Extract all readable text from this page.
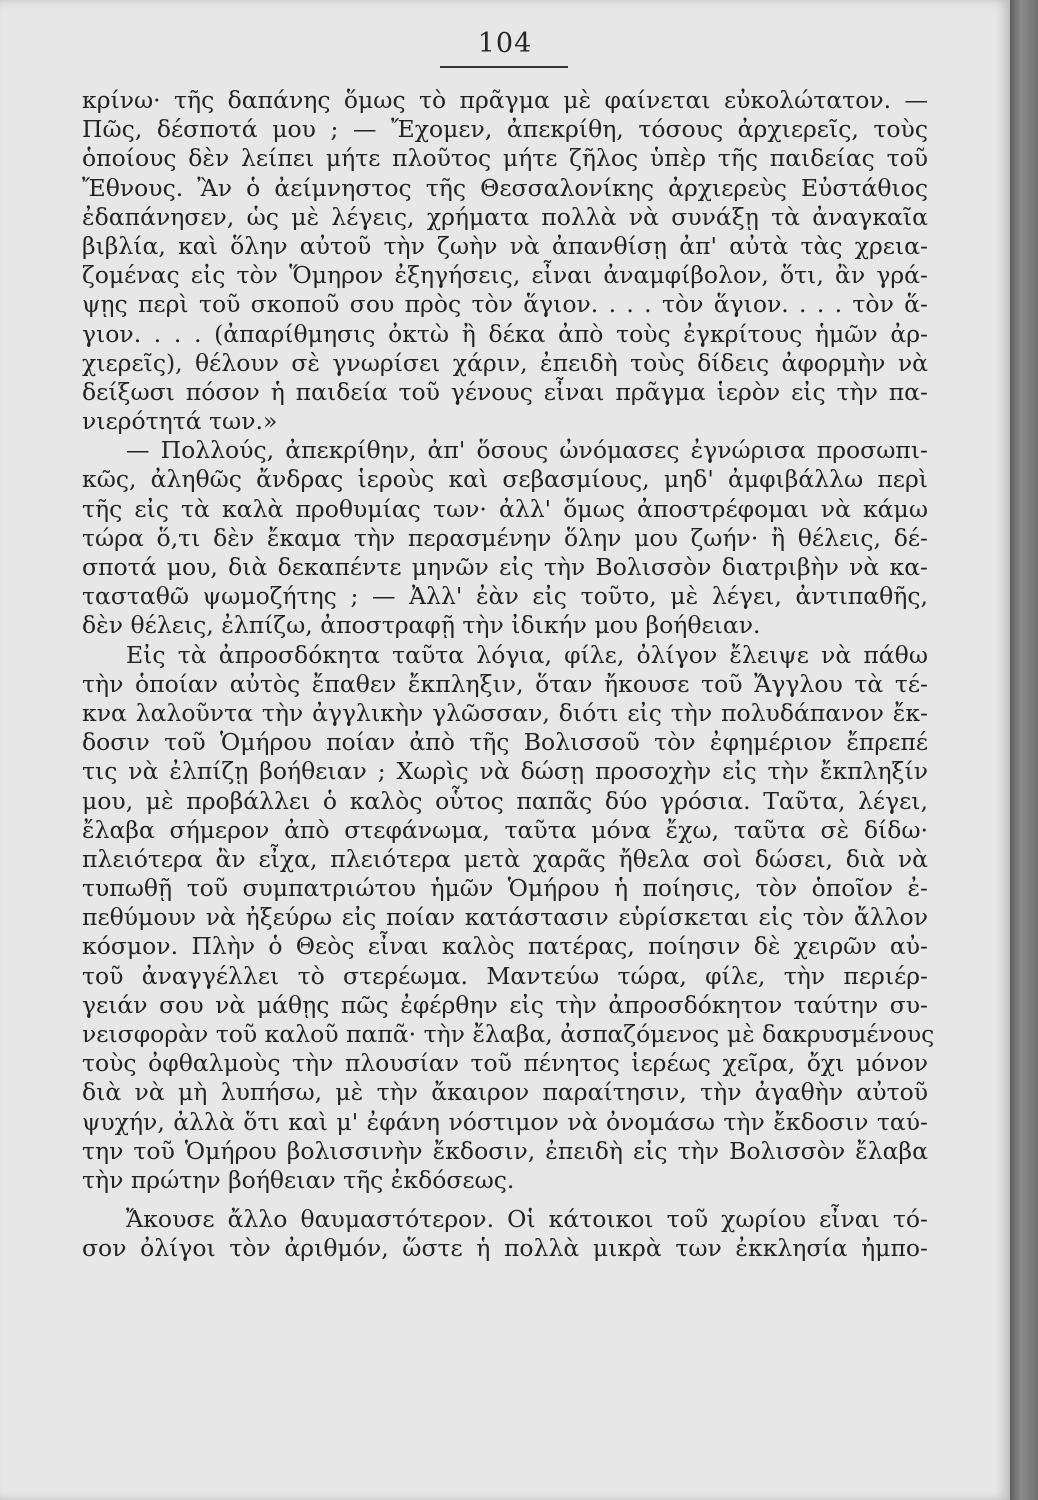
104
κρίνω· τῆς δαπάνης ὅμως τὸ πρᾶγμα μὲ φαίνεται εὐκολώτατον. —
Πῶς, δέσποτά μου ; — Ἔχομεν, ἀπεκρίθη, τόσους ἀρχιερεῖς, τοὺς
ὁποίους δὲν λείπει μήτε πλοῦτος μήτε ζῆλος ὑπὲρ τῆς παιδείας τοῦ
Ἔθνους. Ἂν ὁ ἀείμνηστος τῆς Θεσσαλονίκης ἀρχιερεὺς Εὐστάθιος
ἐδαπάνησεν, ὡς μὲ λέγεις, χρήματα πολλὰ νὰ συνάξῃ τὰ ἀναγκαῖα
βιβλία, καὶ ὅλην αὐτοῦ τὴν ζωὴν νὰ ἀπανθίσῃ ἀπ' αὐτὰ τὰς χρεια-
ζομένας εἰς τὸν Ὅμηρον ἐξηγήσεις, εἶναι ἀναμφίβολον, ὅτι, ἂν γρά-
ψῃς περὶ τοῦ σκοποῦ σου πρὸς τὸν ἅγιον. . . . τὸν ἅγιον. . . . τὸν ἅ-
γιον. . . . (ἀπαρίθμησις ὀκτὼ ἢ δέκα ἀπὸ τοὺς ἐγκρίτους ἡμῶν ἀρ-
χιερεῖς), θέλουν σὲ γνωρίσει χάριν, ἐπειδὴ τοὺς δίδεις ἀφορμὴν νὰ
δείξωσι πόσον ἡ παιδεία τοῦ γένους εἶναι πρᾶγμα ἱερὸν εἰς τὴν πα-
νιερότητά των.»
— Πολλούς, ἀπεκρίθην, ἀπ' ὅσους ὠνόμασες ἐγνώρισα προσωπι-
κῶς, ἀληθῶς ἄνδρας ἱεροὺς καὶ σεβασμίους, μηδ' ἀμφιβάλλω περὶ
τῆς εἰς τὰ καλὰ προθυμίας των· ἀλλ' ὅμως ἀποστρέφομαι νὰ κάμω
τώρα ὅ,τι δὲν ἔκαμα τὴν περασμένην ὅλην μου ζωήν· ἢ θέλεις, δέ-
σποτά μου, διὰ δεκαπέντε μηνῶν εἰς τὴν Βολισσὸν διατριβὴν νὰ κα-
τασταθῶ ψωμοζήτης ; — Ἀλλ' ἐὰν εἰς τοῦτο, μὲ λέγει, ἀντιπαθῆς,
δὲν θέλεις, ἐλπίζω, ἀποστραφῇ τὴν ἰδικήν μου βοήθειαν.
Εἰς τὰ ἀπροσδόκητα ταῦτα λόγια, φίλε, ὀλίγον ἔλειψε νὰ πάθω
τὴν ὁποίαν αὐτὸς ἔπαθεν ἔκπληξιν, ὅταν ἤκουσε τοῦ Ἄγγλου τὰ τέ-
κνα λαλοῦντα τὴν ἀγγλικὴν γλῶσσαν, διότι εἰς τὴν πολυδάπανον ἔκ-
δοσιν τοῦ Ὁμήρου ποίαν ἀπὸ τῆς Βολισσοῦ τὸν ἐφημέριον ἔπρεπέ
τις νὰ ἐλπίζῃ βοήθειαν ; Χωρὶς νὰ δώσῃ προσοχὴν εἰς τὴν ἔκπληξίν
μου, μὲ προβάλλει ὁ καλὸς οὗτος παπᾶς δύο γρόσια. Ταῦτα, λέγει,
ἔλαβα σήμερον ἀπὸ στεφάνωμα, ταῦτα μόνα ἔχω, ταῦτα σὲ δίδω·
πλειότερα ἂν εἶχα, πλειότερα μετὰ χαρᾶς ἤθελα σοὶ δώσει, διὰ νὰ
τυπωθῇ τοῦ συμπατριώτου ἡμῶν Ὁμήρου ἡ ποίησις, τὸν ὁποῖον ἐ-
πεθύμουν νὰ ἠξεύρω εἰς ποίαν κατάστασιν εὑρίσκεται εἰς τὸν ἄλλον
κόσμον. Πλὴν ὁ Θεὸς εἶναι καλὸς πατέρας, ποίησιν δὲ χειρῶν αὐ-
τοῦ ἀναγγέλλει τὸ στερέωμα. Μαντεύω τώρα, φίλε, τὴν περιέρ-
γειάν σου νὰ μάθῃς πῶς ἐφέρθην εἰς τὴν ἀπροσδόκητον ταύτην συ-
νεισφορὰν τοῦ καλοῦ παπᾶ· τὴν ἔλαβα, ἀσπαζόμενος μὲ δακρυσμένους
τοὺς ὀφθαλμοὺς τὴν πλουσίαν τοῦ πένητος ἱερέως χεῖρα, ὄχι μόνον
διὰ νὰ μὴ λυπήσω, μὲ τὴν ἄκαιρον παραίτησιν, τὴν ἀγαθὴν αὐτοῦ
ψυχήν, ἀλλὰ ὅτι καὶ μ' ἐφάνη νόστιμον νὰ ὀνομάσω τὴν ἔκδοσιν ταύ-
την τοῦ Ὁμήρου βολισσινὴν ἔκδοσιν, ἐπειδὴ εἰς τὴν Βολισσὸν ἔλαβα
τὴν πρώτην βοήθειαν τῆς ἐκδόσεως.
Ἄκουσε ἄλλο θαυμαστότερον. Οἱ κάτοικοι τοῦ χωρίου εἶναι τό-
σον ὀλίγοι τὸν ἀριθμόν, ὥστε ἡ πολλὰ μικρὰ των ἐκκλησία ἠμπο-
